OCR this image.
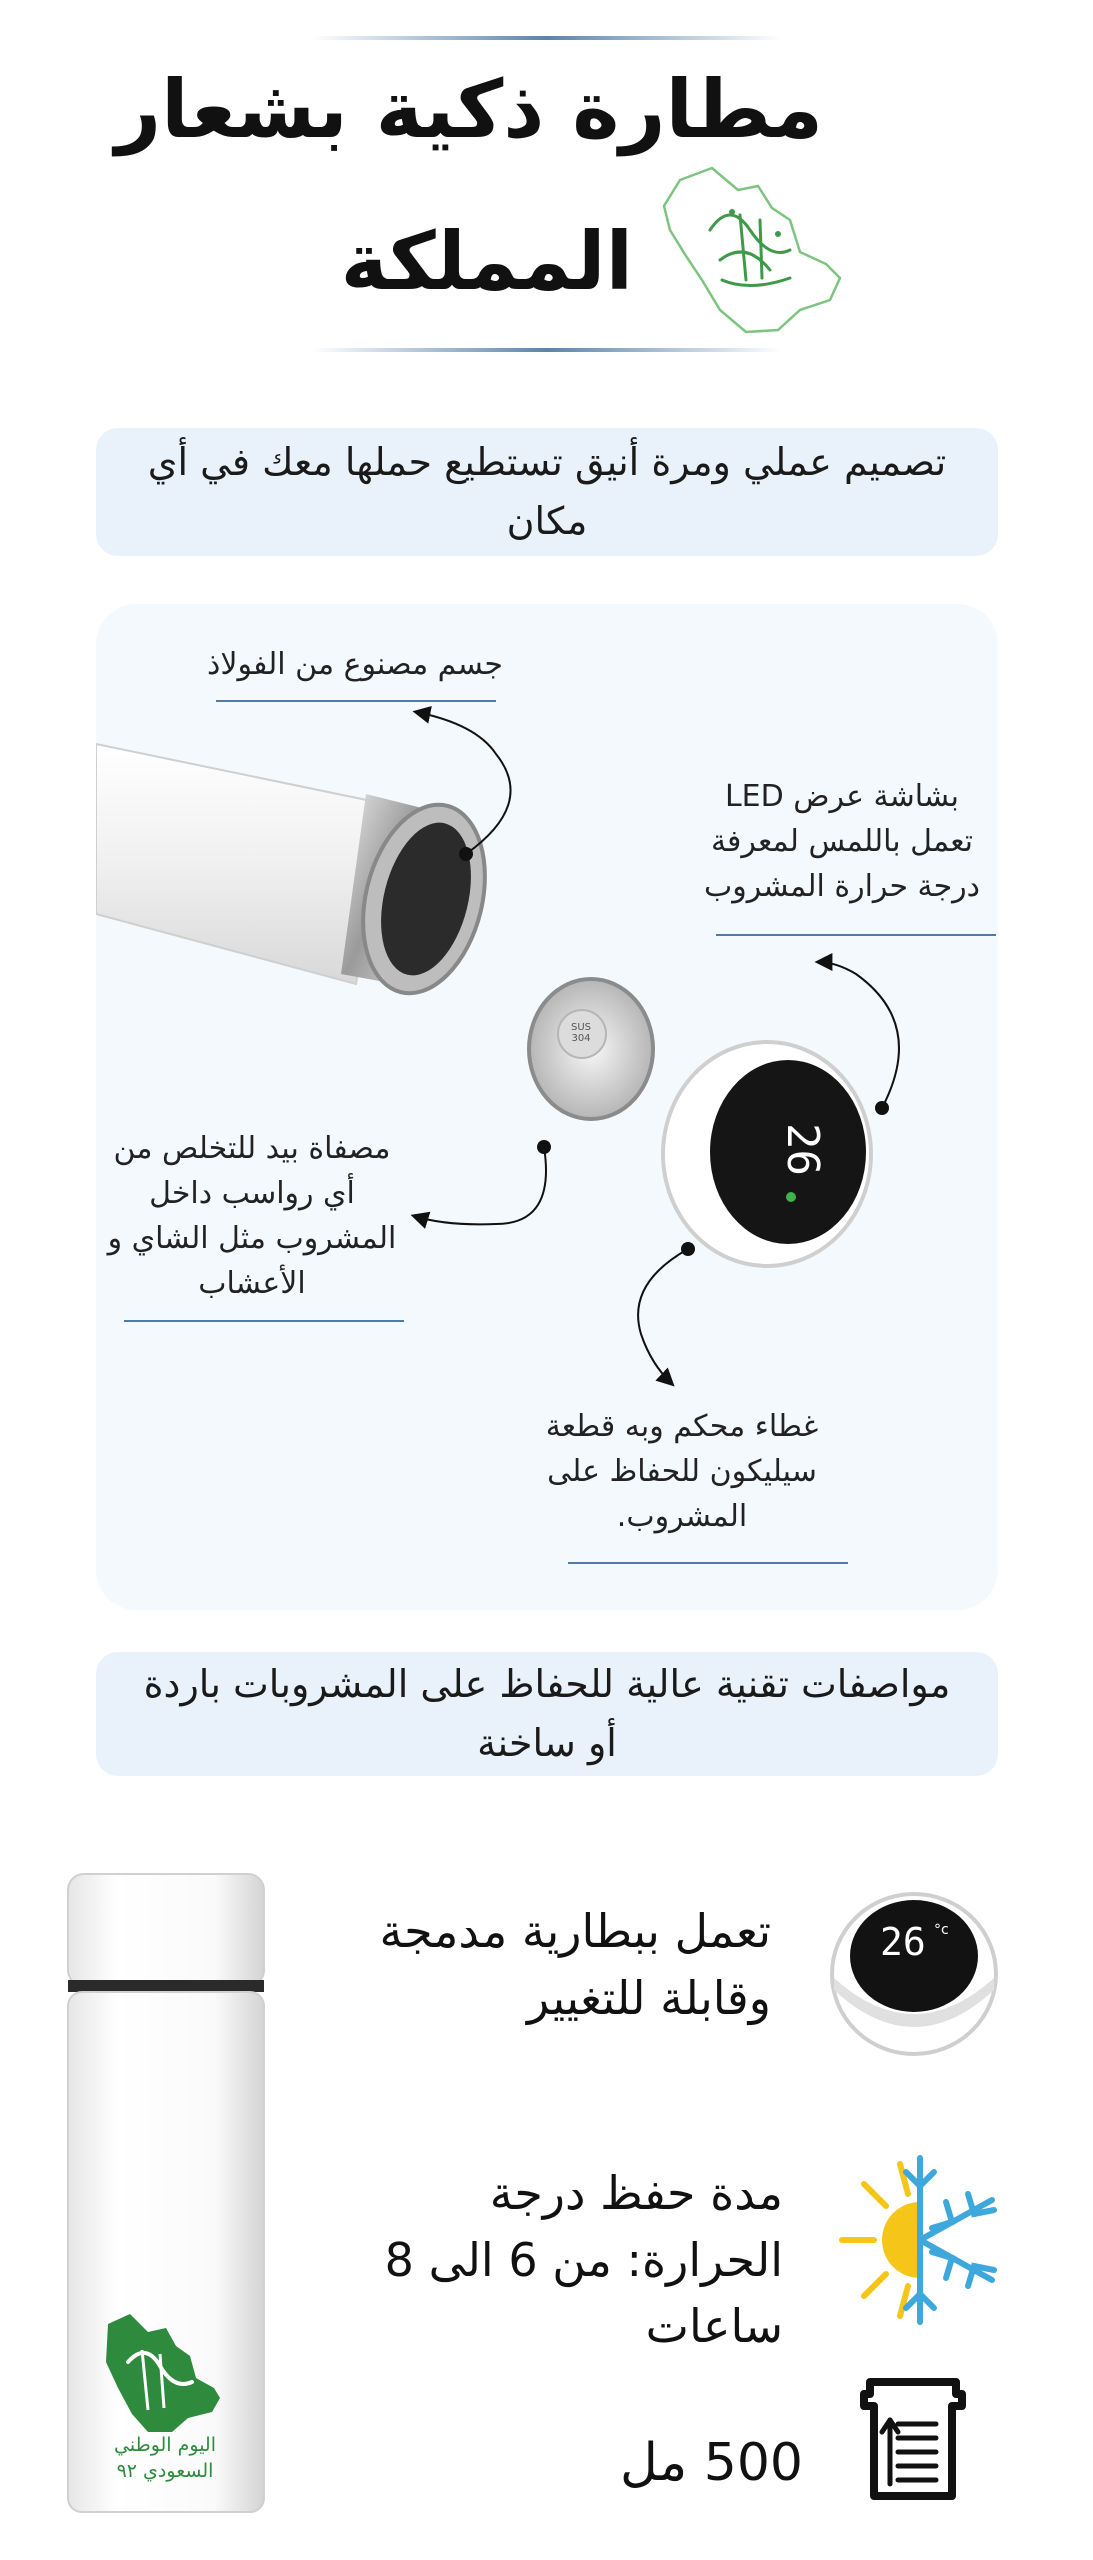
مطارة ذكية بشعار
المملكة
تصميم عملي ومرة أنيق تستطيع حملها معك في أي مكان
SUS 304
26
جسم مصنوع من الفولاذ
بشاشة عرض LED تعمل باللمس لمعرفة درجة حرارة المشروب
مصفاة بيد للتخلص من أي رواسب داخل المشروب مثل الشاي و الأعشاب
غطاء محكم وبه قطعة سيليكون للحفاظ على المشروب.
مواصفات تقنية عالية للحفاظ على المشروبات باردة أو ساخنة
اليوم الوطني
السعودي ٩٢
26 °c
تعمل ببطارية مدمجة وقابلة للتغيير
مدة حفظ درجة الحرارة: من 6 الى 8 ساعات
500 مل
